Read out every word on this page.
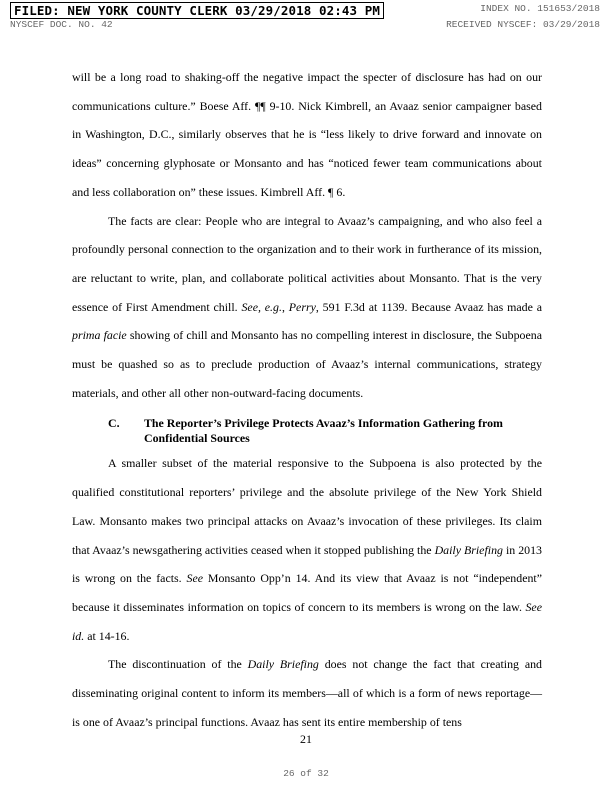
FILED: NEW YORK COUNTY CLERK 03/29/2018 02:43 PM	INDEX NO. 151653/2018
NYSCEF DOC. NO. 42	RECEIVED NYSCEF: 03/29/2018

will be a long road to shaking-off the negative impact the specter of disclosure has had on our communications culture.” Boese Aff. ¶¶ 9-10. Nick Kimbrell, an Avaaz senior campaigner based in Washington, D.C., similarly observes that he is “less likely to drive forward and innovate on ideas” concerning glyphosate or Monsanto and has “noticed fewer team communications about and less collaboration on” these issues. Kimbrell Aff. ¶ 6.

The facts are clear: People who are integral to Avaaz’s campaigning, and who also feel a profoundly personal connection to the organization and to their work in furtherance of its mission, are reluctant to write, plan, and collaborate political activities about Monsanto. That is the very essence of First Amendment chill. See, e.g., Perry, 591 F.3d at 1139. Because Avaaz has made a prima facie showing of chill and Monsanto has no compelling interest in disclosure, the Subpoena must be quashed so as to preclude production of Avaaz’s internal communications, strategy materials, and other all other non-outward-facing documents.

C.	The Reporter’s Privilege Protects Avaaz’s Information Gathering from Confidential Sources

A smaller subset of the material responsive to the Subpoena is also protected by the qualified constitutional reporters’ privilege and the absolute privilege of the New York Shield Law. Monsanto makes two principal attacks on Avaaz’s invocation of these privileges. Its claim that Avaaz’s newsgathering activities ceased when it stopped publishing the Daily Briefing in 2013 is wrong on the facts. See Monsanto Opp’n 14. And its view that Avaaz is not “independent” because it disseminates information on topics of concern to its members is wrong on the law. See id. at 14-16.

The discontinuation of the Daily Briefing does not change the fact that creating and disseminating original content to inform its members—all of which is a form of news reportage—is one of Avaaz’s principal functions. Avaaz has sent its entire membership of tens

21
26 of 32
